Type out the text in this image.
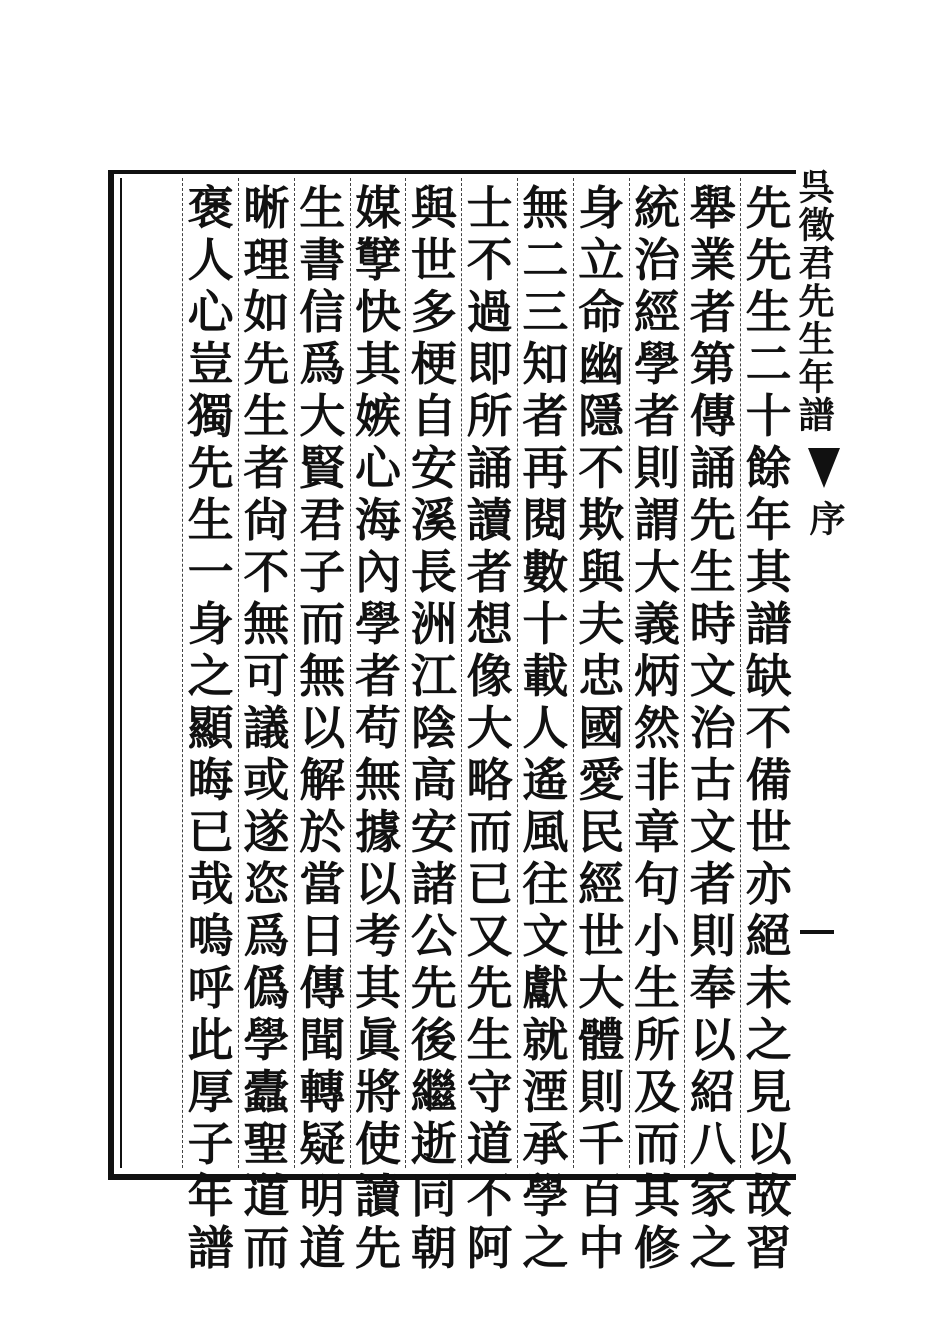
呉徵君先生年譜
序
先
先
生
二
十
餘
年
其
譜
缺
不
備
世
亦
絕
未
之
見
以
故
習
舉
業
者
第
傳
誦
先
生
時
文
治
古
文
者
則
奉
以
紹
八
家
之
統
治
經
學
者
則
謂
大
義
炳
然
非
章
句
小
生
所
及
而
其
修
身
立
命
幽
隱
不
欺
與
夫
忠
國
愛
民
經
世
大
體
則
千
百
中
無
二
三
知
者
再
閱
數
十
載
人
遙
風
往
文
獻
就
湮
承
學
之
士
不
過
即
所
誦
讀
者
想
像
大
略
而
已
又
先
生
守
道
不
阿
與
世
多
梗
自
安
溪
長
洲
江
陰
高
安
諸
公
先
後
繼
逝
同
朝
媒
孼
快
其
嫉
心
海
內
學
者
苟
無
據
以
考
其
眞
將
使
讀
先
生
書
信
爲
大
賢
君
子
而
無
以
解
於
當
日
傳
聞
轉
疑
明
道
晰
理
如
先
生
者
尙
不
無
可
議
或
遂
恣
爲
僞
學
蠹
聖
道
而
褒
人
心
豈
獨
先
生
一
身
之
顯
晦
已
哉
嗚
呼
此
厚
子
年
譜
